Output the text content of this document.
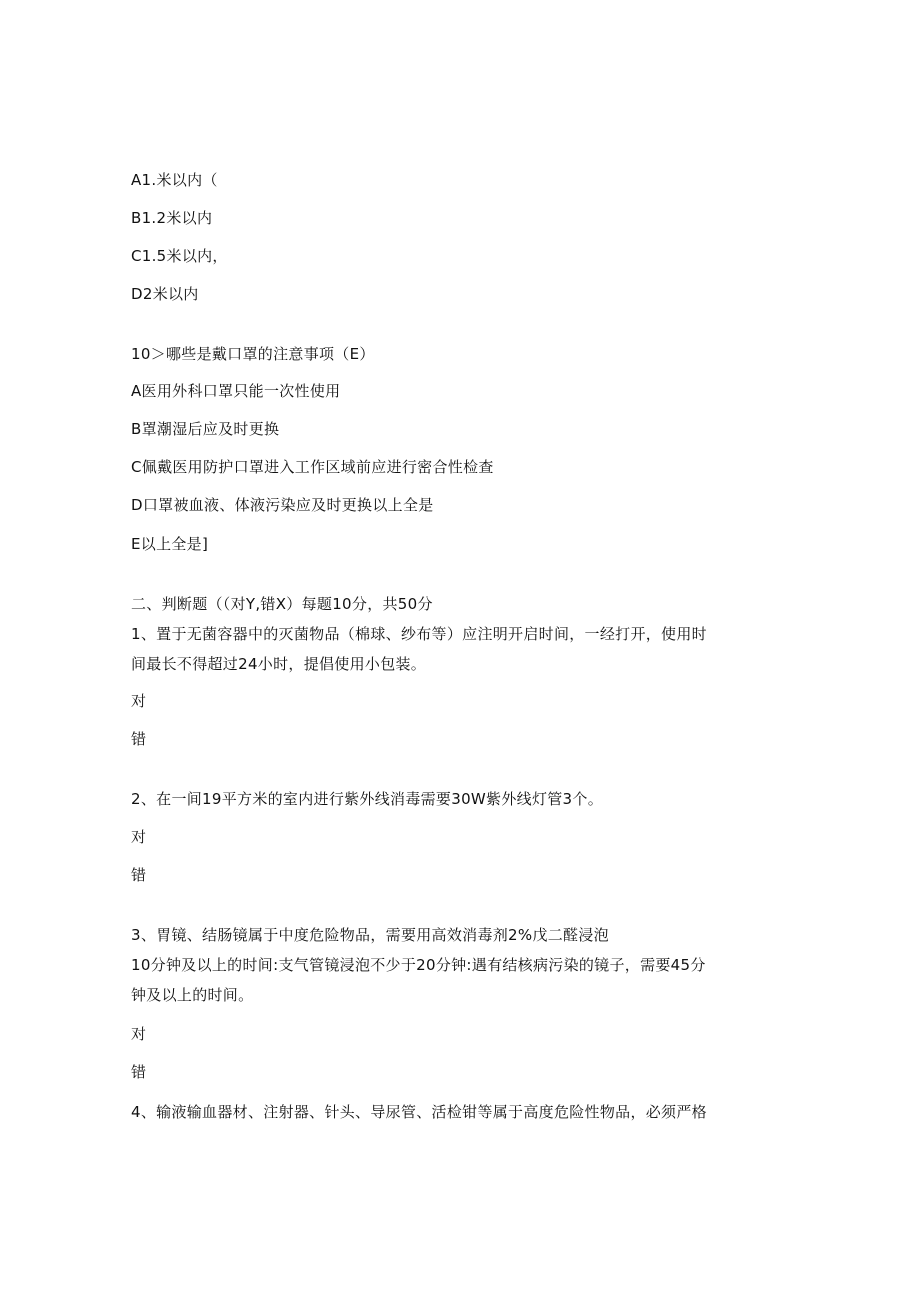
A1.米以内（
B1.2米以内
C1.5米以内，
D2米以内
10＞哪些是戴口罩的注意事项（E）
A医用外科口罩只能一次性使用
B罩潮湿后应及时更换
C佩戴医用防护口罩进入工作区域前应进行密合性检查
D口罩被血液、体液污染应及时更换以上全是
E以上全是]
二、判断题（（对Y,错X）每题10分，共50分
1、置于无菌容器中的灭菌物品（棉球、纱布等）应注明开启时间，一经打开，使用时
间最长不得超过24小时，提倡使用小包装。
对
错
2、在一间19平方米的室内进行紫外线消毒需要30W紫外线灯管3个。
对
错
3、胃镜、结肠镜属于中度危险物品，需要用高效消毒剂2%戊二醛浸泡
10分钟及以上的时间:支气管镜浸泡不少于20分钟:遇有结核病污染的镜子，需要45分
钟及以上的时间。
对
错
4、输液输血器材、注射器、针头、导尿管、活检钳等属于高度危险性物品，必须严格
